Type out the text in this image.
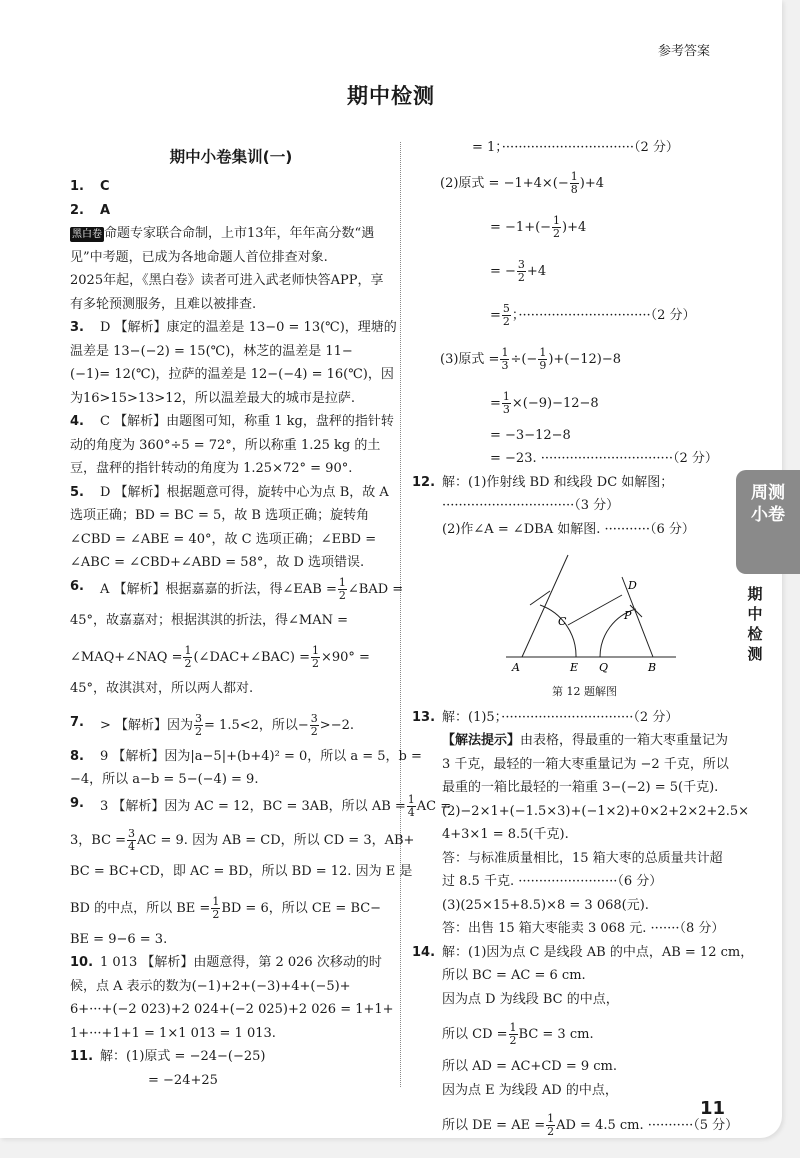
参考答案
期中检测
期中小卷集训(一)
1. C
2. A
黑白卷 命题专家联合命制，上市13年，年年高分数“遇
见”中考题，已成为各地命题人首位排查对象.
2025年起，《黑白卷》读者可进入武老师快答APP，享
有多轮预测服务，且难以被排查.
3. D 【解析】康定的温差是 13−0 = 13(℃)，理塘的
温差是 13−(−2) = 15(℃)，林芝的温差是 11−
(−1)= 12(℃)，拉萨的温差是 12−(−4) = 16(℃)，因
为16>15>13>12，所以温差最大的城市是拉萨.
4. C 【解析】由题图可知，称重 1 kg，盘秤的指针转
动的角度为 360°÷5 = 72°，所以称重 1.25 kg 的土
豆，盘秤的指针转动的角度为 1.25×72° = 90°.
5. D 【解析】根据题意可得，旋转中心为点 B，故 A
选项正确；BD = BC = 5，故 B 选项正确；旋转角
∠CBD = ∠ABE = 40°，故 C 选项正确；∠EBD =
∠ABC = ∠CBD+∠ABD = 58°，故 D 选项错误.
6. A 【解析】根据嘉嘉的折法，得∠EAB = $\frac{1}{2}$ ∠BAD =
45°，故嘉嘉对；根据淇淇的折法，得∠MAN =
∠MAQ+∠NAQ = $\frac{1}{2}$ (∠DAC+∠BAC) = $\frac{1}{2} \times 90^\circ$ =
45°，故淇淇对，所以两人都对.
7. > 【解析】因为 $\frac{3}{2} = 1.5<2$，所以− $\frac{3}{2} >-2$.
8. 9 【解析】因为|a−5|+(b+4)² = 0，所以 a = 5，b =
−4，所以 a−b = 5−(−4) = 9.
9. 3 【解析】因为 AC = 12，BC = 3AB，所以 AB = $\frac{1}{4}$ AC =
3，BC = $\frac{3}{4}$ AC = 9. 因为 AB = CD，所以 CD = 3，AB+
BC = BC+CD，即 AC = BD，所以 BD = 12. 因为 E 是
BD 的中点，所以 BE = $\frac{1}{2}$ BD = 6，所以 CE = BC−
BE = 9−6 = 3.
10. 1 013 【解析】由题意得，第 2 026 次移动的时
候，点 A 表示的数为(−1)+2+(−3)+4+(−5)+
6+···+(−2 023)+2 024+(−2 025)+2 026 = 1+1+
1+···+1+1 = 1×1 013 = 1 013.
11. 解：(1)原式 = −24−(−25)
= −24+25
= 1；································（2 分）
(2)原式 = $-1+4\times(- \frac{1}{8} )+4$
= $-1+(- \frac{1}{2} )+4$
= − $\frac{3}{2} +4$
= $\frac{5}{2}$ ；································（2 分）
(3)原式 = $\frac{1}{3}$ ÷(− $\frac{1}{9} )+(-12)-8$
= $\frac{1}{3} \times(-9)-12-8$
= −3−12−8
= −23. ································（2 分）
12. 解：(1)作射线 BD 和线段 DC 如解图；
································（3 分）
(2)作∠A = ∠DBA 如解图. ···········（6 分）
A	E Q	B
C	P
D
第 12 题解图
13. 解：(1)5；································（2 分）
【解法提示】由表格，得最重的一箱大枣重量记为
3 千克，最轻的一箱大枣重量记为 −2 千克，所以
最重的一箱比最轻的一箱重 3−(−2) = 5(千克).
(2)−2×1+(−1.5×3)+(−1×2)+0×2+2×2+2.5×
4+3×1 = 8.5(千克).
答：与标准质量相比，15 箱大枣的总质量共计超
过 8.5 千克. ························（6 分）
(3)(25×15+8.5)×8 = 3 068(元).
答：出售 15 箱大枣能卖 3 068 元. ·······（8 分）
14. 解：(1)因为点 C 是线段 AB 的中点，AB = 12 cm，
所以 BC = AC = 6 cm.
因为点 D 为线段 BC 的中点，
所以 CD = $\frac{1}{2}$ BC = 3 cm.
所以 AD = AC+CD = 9 cm.
因为点 E 为线段 AD 的中点，
所以 DE = AE = $\frac{1}{2}$ AD = 4.5 cm. ···········（5 分）
11
周测小卷
期中检测
